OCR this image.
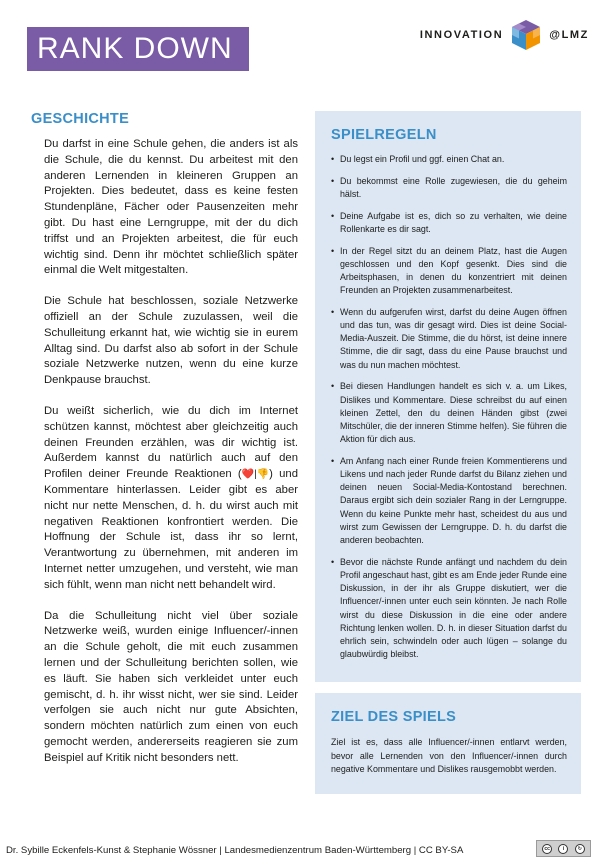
RANK DOWN	INNOVATION	@LMZ
GESCHICHTE

Du darfst in eine Schule gehen, die anders ist als die Schule, die du kennst. Du arbeitest mit den anderen Lernenden in kleineren Gruppen an Projekten. Dies bedeutet, dass es keine festen Stundenpläne, Fächer oder Pausenzeiten mehr gibt. Du hast eine Lerngruppe, mit der du dich triffst und an Projekten arbeitest, die für euch wichtig sind. Denn ihr möchtet schließlich später einmal die Welt mitgestalten.

Die Schule hat beschlossen, soziale Netzwerke offiziell an der Schule zuzulassen, weil die Schulleitung erkannt hat, wie wichtig sie in eurem Alltag sind. Du darfst also ab sofort in der Schule soziale Netzwerke nutzen, wenn du eine kurze Denkpause brauchst.

Du weißt sicherlich, wie du dich im Internet schützen kannst, möchtest aber gleichzeitig auch deinen Freunden erzählen, was dir wichtig ist. Außerdem kannst du natürlich auch auf den Profilen deiner Freunde Reaktionen (❤️|👎) und Kommentare hinterlassen. Leider gibt es aber nicht nur nette Menschen, d. h. du wirst auch mit negativen Reaktionen konfrontiert werden. Die Hoffnung der Schule ist, dass ihr so lernt, Verantwortung zu übernehmen, mit anderen im Internet netter umzugehen, und versteht, wie man sich fühlt, wenn man nicht nett behandelt wird.

Da die Schulleitung nicht viel über soziale Netzwerke weiß, wurden einige Influencer/-innen an die Schule geholt, die mit euch zusammen lernen und der Schulleitung berichten sollen, wie es läuft. Sie haben sich verkleidet unter euch gemischt, d. h. ihr wisst nicht, wer sie sind. Leider verfolgen sie auch nicht nur gute Absichten, sondern möchten natürlich zum einen von euch gemocht werden, andererseits reagieren sie zum Beispiel auf Kritik nicht besonders nett.

SPIELREGELN
• Du legst ein Profil und ggf. einen Chat an.
• Du bekommst eine Rolle zugewiesen, die du geheim hälst.
• Deine Aufgabe ist es, dich so zu verhalten, wie deine Rollenkarte es dir sagt.
• In der Regel sitzt du an deinem Platz, hast die Augen geschlossen und den Kopf gesenkt. Dies sind die Arbeitsphasen, in denen du konzentriert mit deinen Freunden an Projekten zusammenarbeitest.
• Wenn du aufgerufen wirst, darfst du deine Augen öffnen und das tun, was dir gesagt wird. Dies ist deine Social-Media-Auszeit. Die Stimme, die du hörst, ist deine innere Stimme, die dir sagt, dass du eine Pause brauchst und was du nun machen möchtest.
• Bei diesen Handlungen handelt es sich v. a. um Likes, Dislikes und Kommentare. Diese schreibst du auf einen kleinen Zettel, den du deinen Händen gibst (zwei Mitschüler, die der inneren Stimme helfen). Sie führen die Aktion für dich aus.
• Am Anfang nach einer Runde freien Kommentierens und Likens und nach jeder Runde darfst du Bilanz ziehen und deinen neuen Social-Media-Kontostand berechnen. Daraus ergibt sich dein sozialer Rang in der Lerngruppe. Wenn du keine Punkte mehr hast, scheidest du aus und wirst zum Gewissen der Lerngruppe. D. h. du darfst die anderen beobachten.
• Bevor die nächste Runde anfängt und nachdem du dein Profil angeschaut hast, gibt es am Ende jeder Runde eine Diskussion, in der ihr als Gruppe diskutiert, wer die Influencer/-innen unter euch sein könnten. Je nach Rolle wirst du diese Diskussion in die eine oder andere Richtung lenken wollen. D. h. in dieser Situation darfst du ehrlich sein, schwindeln oder auch lügen – solange du glaubwürdig bleibst.
ZIEL DES SPIELS

Ziel ist es, dass alle Influencer/-innen entlarvt werden, bevor alle Lernenden von den Influencer/-innen durch negative Kommentare und Dislikes rausgemobbt werden.

Dr. Sybille Eckenfels-Kunst & Stephanie Wössner | Landesmedienzentrum Baden-Württemberg | CC BY-SA	cc	i	↻
